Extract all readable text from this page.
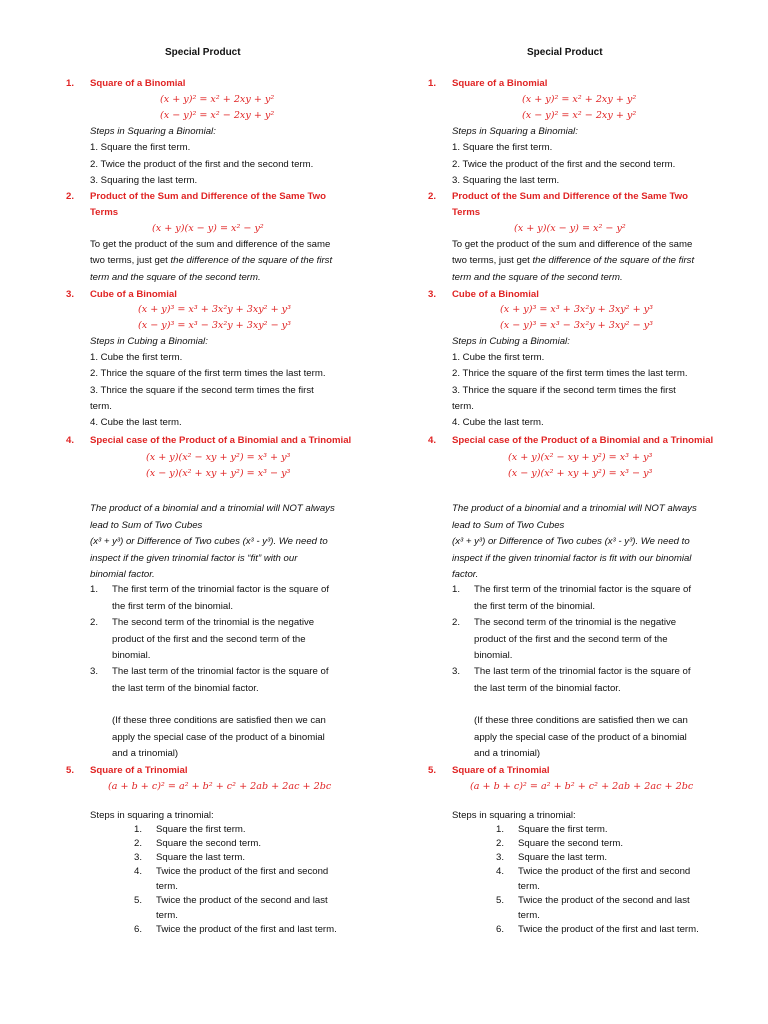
Special Product
1. Square of a Binomial
(x + y)² = x² + 2xy + y²
(x − y)² = x² − 2xy + y²
Steps in Squaring a Binomial:
1. Square the first term.
2. Twice the product of the first and the second term.
3. Squaring the last term.
2. Product of the Sum and Difference of the Same Two
Terms
(x + y)(x − y) = x² − y²
To get the product of the sum and difference of the same
two terms, just get the difference of the square of the first
term and the square of the second term.
3. Cube of a Binomial
(x + y)³ = x³ + 3x²y + 3xy² + y³
(x − y)³ = x³ − 3x²y + 3xy² − y³
Steps in Cubing a Binomial:
1. Cube the first term.
2. Thrice the square of the first term times the last term.
3. Thrice the square if the second term times the first
term.
4. Cube the last term.
4. Special case of the Product of a Binomial and a Trinomial
(x + y)(x² − xy + y²) = x³ + y³
(x − y)(x² + xy + y²) = x³ − y³
The product of a binomial and a trinomial will NOT always
lead to Sum of Two Cubes
(x³ + y³) or Difference of Two cubes (x³ - y³). We need to
inspect if the given trinomial factor is “fit” with our
binomial factor.
1. The first term of the trinomial factor is the square of
the first term of the binomial.
2. The second term of the trinomial is the negative
product of the first and the second term of the
3. The last term of the trinomial factor is the square of
the last term of the binomial factor.
binomial.
(If these three conditions are satisfied then we can
apply the special case of the product of a binomial
and a trinomial)
5. Square of a Trinomial
(a + b + c)² = a² + b² + c² + 2ab + 2ac + 2bc
Steps in squaring a trinomial:
1. Square the first term.
2. Square the second term.
3. Square the last term.
4. Twice the product of the first and second
5. Twice the product of the second and last
6. Twice the product of the first and last term.
term.
term.
Special Product
1. Square of a Binomial
(x + y)² = x² + 2xy + y²
(x − y)² = x² − 2xy + y²
Steps in Squaring a Binomial:
1. Square the first term.
2. Twice the product of the first and the second term.
3. Squaring the last term.
2. Product of the Sum and Difference of the Same Two
Terms
(x + y)(x − y) = x² − y²
To get the product of the sum and difference of the same
two terms, just get the difference of the square of the first
term and the square of the second term.
3. Cube of a Binomial
(x + y)³ = x³ + 3x²y + 3xy² + y³
(x − y)³ = x³ − 3x²y + 3xy² − y³
Steps in Cubing a Binomial:
1. Cube the first term.
2. Thrice the square of the first term times the last term.
3. Thrice the square if the second term times the first
term.
4. Cube the last term.
4. Special case of the Product of a Binomial and a Trinomial
(x + y)(x² − xy + y²) = x³ + y³
(x − y)(x² + xy + y²) = x³ − y³
The product of a binomial and a trinomial will NOT always
lead to Sum of Two Cubes
(x³ + y³) or Difference of Two cubes (x³ - y³). We need to
inspect if the given trinomial factor is fit with our binomial
factor.
1. The first term of the trinomial factor is the square of
the first term of the binomial.
2. The second term of the trinomial is the negative
product of the first and the second term of the
3. The last term of the trinomial factor is the square of
the last term of the binomial factor.
binomial.
(If these three conditions are satisfied then we can
apply the special case of the product of a binomial
and a trinomial)
5. Square of a Trinomial
(a + b + c)² = a² + b² + c² + 2ab + 2ac + 2bc
Steps in squaring a trinomial:
1. Square the first term.
2. Square the second term.
3. Square the last term.
4. Twice the product of the first and second
5. Twice the product of the second and last
6. Twice the product of the first and last term.
term.
term.
